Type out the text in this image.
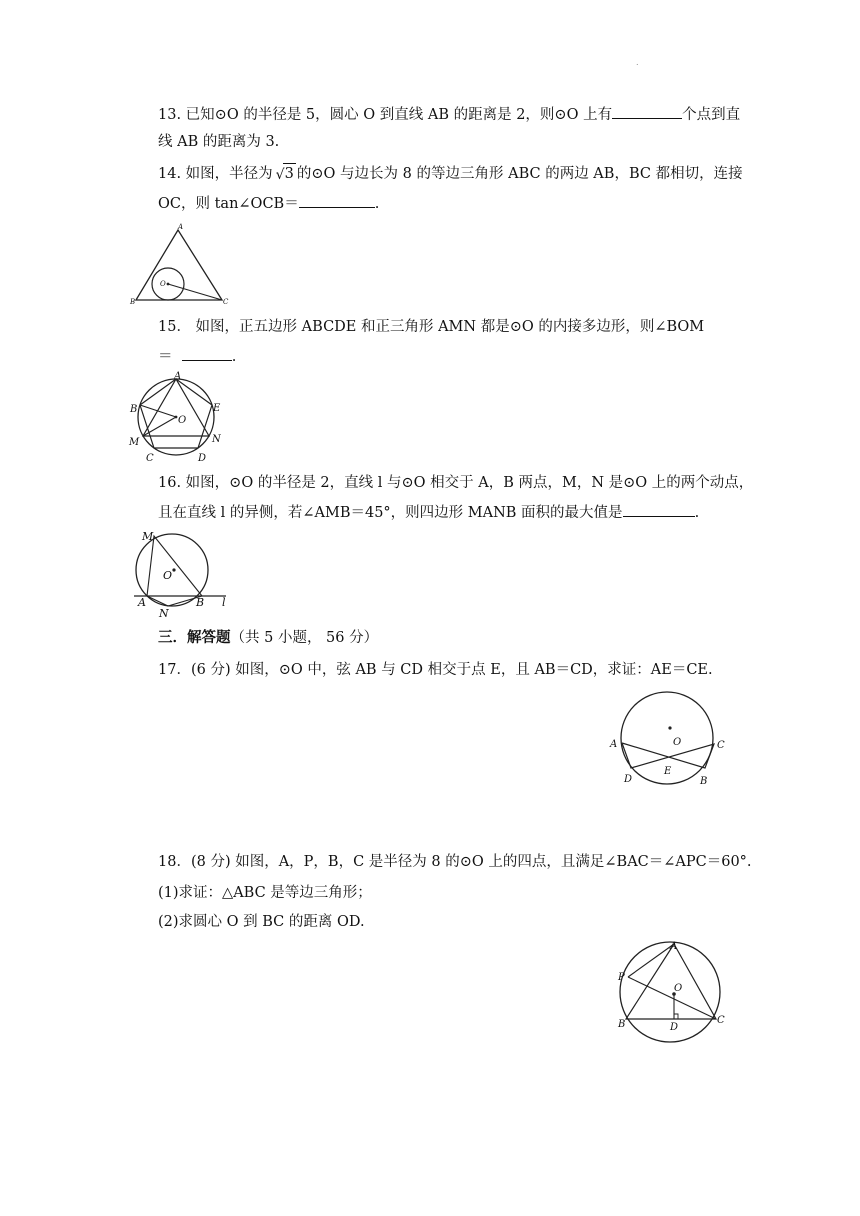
.
13. 已知⊙O 的半径是 5，圆心 O 到直线 AB 的距离是 2，则⊙O 上有	个点到直
线 AB 的距离为 3.
14. 如图，半径为 √ 3 的⊙O 与边长为 8 的等边三角形 ABC 的两边 AB，BC 都相切，连接
OC，则 tan∠OCB＝	.
A
B	C
O
15． 如图，正五边形 ABCDE 和正三角形 AMN 都是⊙O 的内接多边形，则∠BOM
＝	.
A
B	E
M	N
C	D
O
16. 如图，⊙O 的半径是 2，直线 l 与⊙O 相交于 A，B 两点，M，N 是⊙O 上的两个动点，
且在直线 l 的异侧，若∠AMB＝45°，则四边形 MANB 面积的最大值是	.
M
A	B
N
O
l
三．解答题（共 5 小题， 56 分）
17．(6 分) 如图，⊙O 中，弦 AB 与 CD 相交于点 E，且 AB＝CD，求证：AE＝CE.
A	C
D	B
E
O
18．(8 分) 如图，A，P，B，C 是半径为 8 的⊙O 上的四点，且满足∠BAC＝∠APC＝60°.
(1)求证：△ABC 是等边三角形；
(2)求圆心 O 到 BC 的距离 OD.
A
P
O
B	C
D
